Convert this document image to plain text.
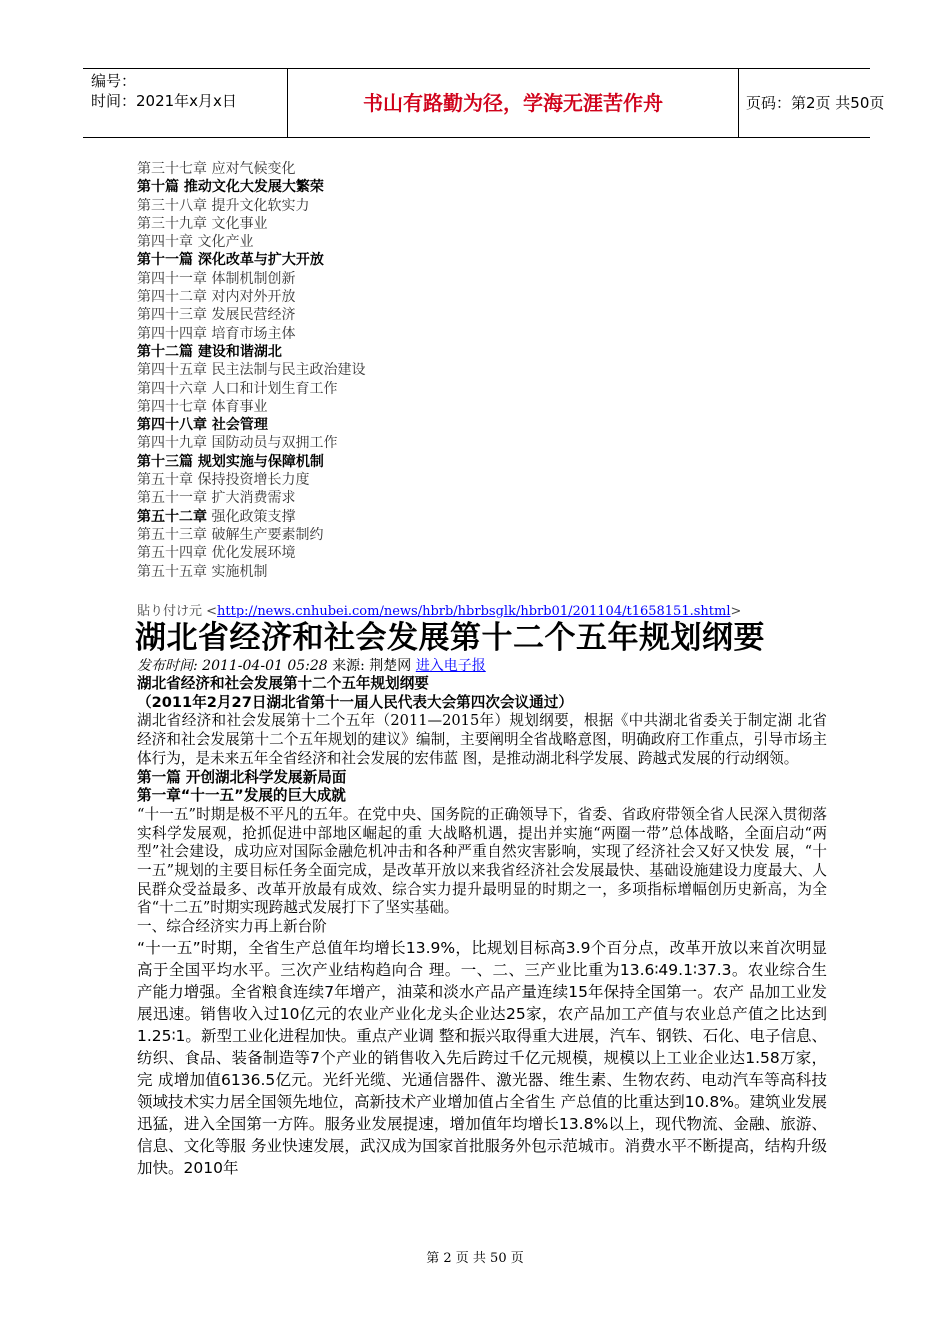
编号：
时间：2021年x月x日	书山有路勤为径，学海无涯苦作舟	页码：第2页 共50页
第三十七章 应对气候变化
第十篇 推动文化大发展大繁荣
第三十八章 提升文化软实力
第三十九章 文化事业
第四十章 文化产业
第十一篇 深化改革与扩大开放
第四十一章 体制机制创新
第四十二章 对内对外开放
第四十三章 发展民营经济
第四十四章 培育市场主体
第十二篇 建设和谐湖北
第四十五章 民主法制与民主政治建设
第四十六章 人口和计划生育工作
第四十七章 体育事业
第四十八章 社会管理
第四十九章 国防动员与双拥工作
第十三篇 规划实施与保障机制
第五十章 保持投资增长力度
第五十一章 扩大消费需求
第五十二章 强化政策支撑
第五十三章 破解生产要素制约
第五十四章 优化发展环境
第五十五章 实施机制
貼り付け元 <http://news.cnhubei.com/news/hbrb/hbrbsglk/hbrb01/201104/t1658151.shtml>
湖北省经济和社会发展第十二个五年规划纲要
发布时间: 2011-04-01 05:28 来源: 荆楚网 进入电子报

湖北省经济和社会发展第十二个五年规划纲要

（2011年2月27日湖北省第十一届人民代表大会第四次会议通过）

湖北省经济和社会发展第十二个五年（2011—2015年）规划纲要，根据《中共湖北省委关于制定湖 北省经济和社会发展第十二个五年规划的建议》编制，主要阐明全省战略意图，明确政府工作重点，引导市场主体行为，是未来五年全省经济和社会发展的宏伟蓝 图，是推动湖北科学发展、跨越式发展的行动纲领。

第一篇 开创湖北科学发展新局面

第一章“十一五”发展的巨大成就

“十一五”时期是极不平凡的五年。在党中央、国务院的正确领导下，省委、省政府带领全省人民深入贯彻落实科学发展观，抢抓促进中部地区崛起的重 大战略机遇，提出并实施“两圈一带”总体战略，全面启动“两型”社会建设，成功应对国际金融危机冲击和各种严重自然灾害影响，实现了经济社会又好又快发 展，“十一五”规划的主要目标任务全面完成，是改革开放以来我省经济社会发展最快、基础设施建设力度最大、人民群众受益最多、改革开放最有成效、综合实力提升最明显的时期之一，多项指标增幅创历史新高，为全省“十二五”时期实现跨越式发展打下了坚实基础。

一、综合经济实力再上新台阶

“十一五”时期，全省生产总值年均增长13.9%，比规划目标高3.9个百分点，改革开放以来首次明显高于全国平均水平。三次产业结构趋向合 理。一、二、三产业比重为13.6∶49.1∶37.3。农业综合生产能力增强。全省粮食连续7年增产，油菜和淡水产品产量连续15年保持全国第一。农产 品加工业发展迅速。销售收入过10亿元的农业产业化龙头企业达25家，农产品加工产值与农业总产值之比达到1.25∶1。新型工业化进程加快。重点产业调 整和振兴取得重大进展，汽车、钢铁、石化、电子信息、纺织、食品、装备制造等7个产业的销售收入先后跨过千亿元规模，规模以上工业企业达1.58万家，完 成增加值6136.5亿元。光纤光缆、光通信器件、激光器、维生素、生物农药、电动汽车等高科技领域技术实力居全国领先地位，高新技术产业增加值占全省生 产总值的比重达到10.8%。建筑业发展迅猛，进入全国第一方阵。服务业发展提速，增加值年均增长13.8%以上，现代物流、金融、旅游、信息、文化等服 务业快速发展，武汉成为国家首批服务外包示范城市。消费水平不断提高，结构升级加快。2010年

第 2 页 共 50 页
